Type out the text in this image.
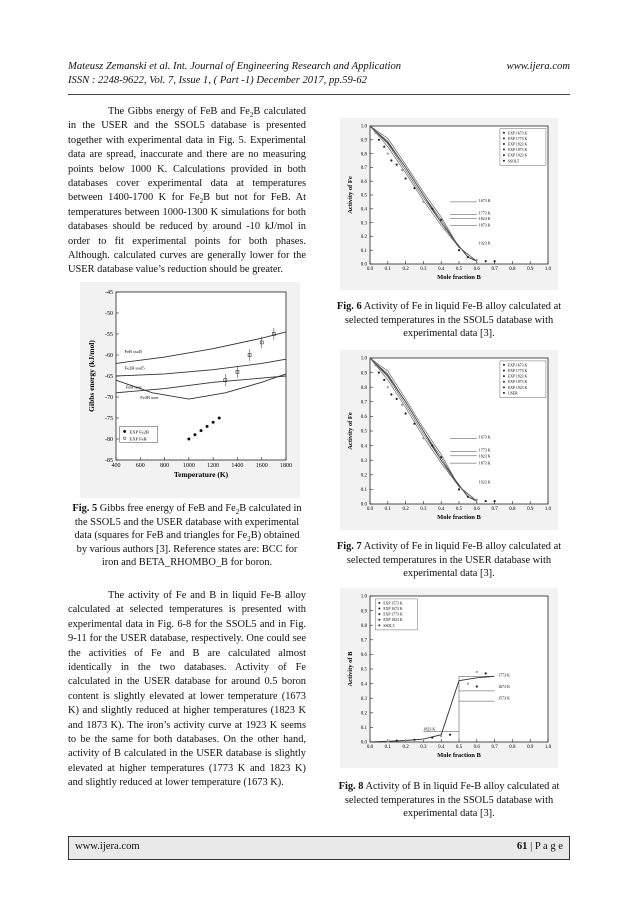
Mateusz Zemanski et al. Int. Journal of Engineering Research and Application	www.ijera.com
ISSN : 2248-9622, Vol. 7, Issue 1, ( Part -1) December 2017, pp.59-62

The Gibbs energy of FeB and $Fe_2B$ calculated in the USER and the SSOL5 database is presented together with experimental data in Fig. 5. Experimental data are spread, inaccurate and there are no measuring points below 1000 K. Calculations provided in both databases cover experimental data at temperatures between 1400-1700 K for $Fe_2B$ but not for FeB. At temperatures between 1000-1300 K simulations for both databases should be reduced by around -10 kJ/mol in order to fit experimental points for both phases. Although. calculated curves are generally lower for the USER database value’s reduction should be greater.

400	600	800 1000 1200 1400 1600 1800
-45
-50
-55
-60
-65
-70
-75
-80
-85
Temperature (K)
Gibbs energy (kJ/mol)	FeB ssol5
Fe2B ssol5
FeB user
Fe2B user
EXP Fe2B
EXP FeB
Fig. 5 Gibbs free energy of FeB and $Fe_2B$ calculated in the SSOL5 and the USER database with experimental data (squares for FeB and triangles for $Fe_2B$) obtained by various authors [3]. Reference states are: BCC for iron and BETA_RHOMBO_B for boron.

The activity of Fe and B in liquid Fe-B alloy calculated at selected temperatures is presented with experimental data in Fig. 6-8 for the SSOL5 and in Fig. 9-11 for the USER database, respectively. One could see the activities of Fe and B are calculated almost identically in the two databases. Activity of Fe calculated in the USER database for around 0.5 boron content is slightly elevated at lower temperature (1673 K) and slightly reduced at higher temperatures (1823 K and 1873 K). The iron’s activity curve at 1923 K seems to be the same for both databases. On the other hand, activity of B calculated in the USER database is slightly elevated at higher temperatures (1773 K and 1823 K) and slightly reduced at lower temperature (1673 K).

0.0 0.1 0.2 0.3 0.4 0.5 0.6 0.7 0.8 0.9 1.0
0.0
0.1
0.2
0.3
0.4
0.5
0.6
0.7
0.8
0.9
1.0
Mole fraction B
Activity of Fe	1673 K
1773 K
1823 K
1873 K
1923 K
EXP 1673 K
EXP 1773 K
EXP 1823 K
EXP 1873 K
EXP 1923 K
SSOL5
Fig. 6 Activity of Fe in liquid Fe-B alloy calculated at selected temperatures in the SSOL5 database with experimental data [3].
0.0 0.1 0.2 0.3 0.4 0.5 0.6 0.7 0.8 0.9 1.0
0.0
0.1
0.2
0.3
0.4
0.5
0.6
0.7
0.8
0.9
1.0
Mole fraction B
Activity of Fe	1673 K
1773 K
1823 K
1873 K
1923 K
EXP 1673 K
EXP 1773 K
EXP 1823 K
EXP 1873 K
EXP 1923 K
USER
Fig. 7 Activity of Fe in liquid Fe-B alloy calculated at selected temperatures in the USER database with experimental data [3].
0.0 0.1 0.2 0.3 0.4 0.5 0.6 0.7 0.8 0.9 1.0
0.0
0.1
0.2
0.3
0.4
0.5
0.6
0.7
0.8
0.9
1.0
Mole fraction B
Activity of B	1773 K
1673 K
1573 K
1823 K
EXP 1573 K
EXP 1673 K
EXP 1773 K
EXP 1823 K
SSOL5
Fig. 8 Activity of B in liquid Fe-B alloy calculated at selected temperatures in the SSOL5 database with experimental data [3].
www.ijera.com	61 | P a g e
